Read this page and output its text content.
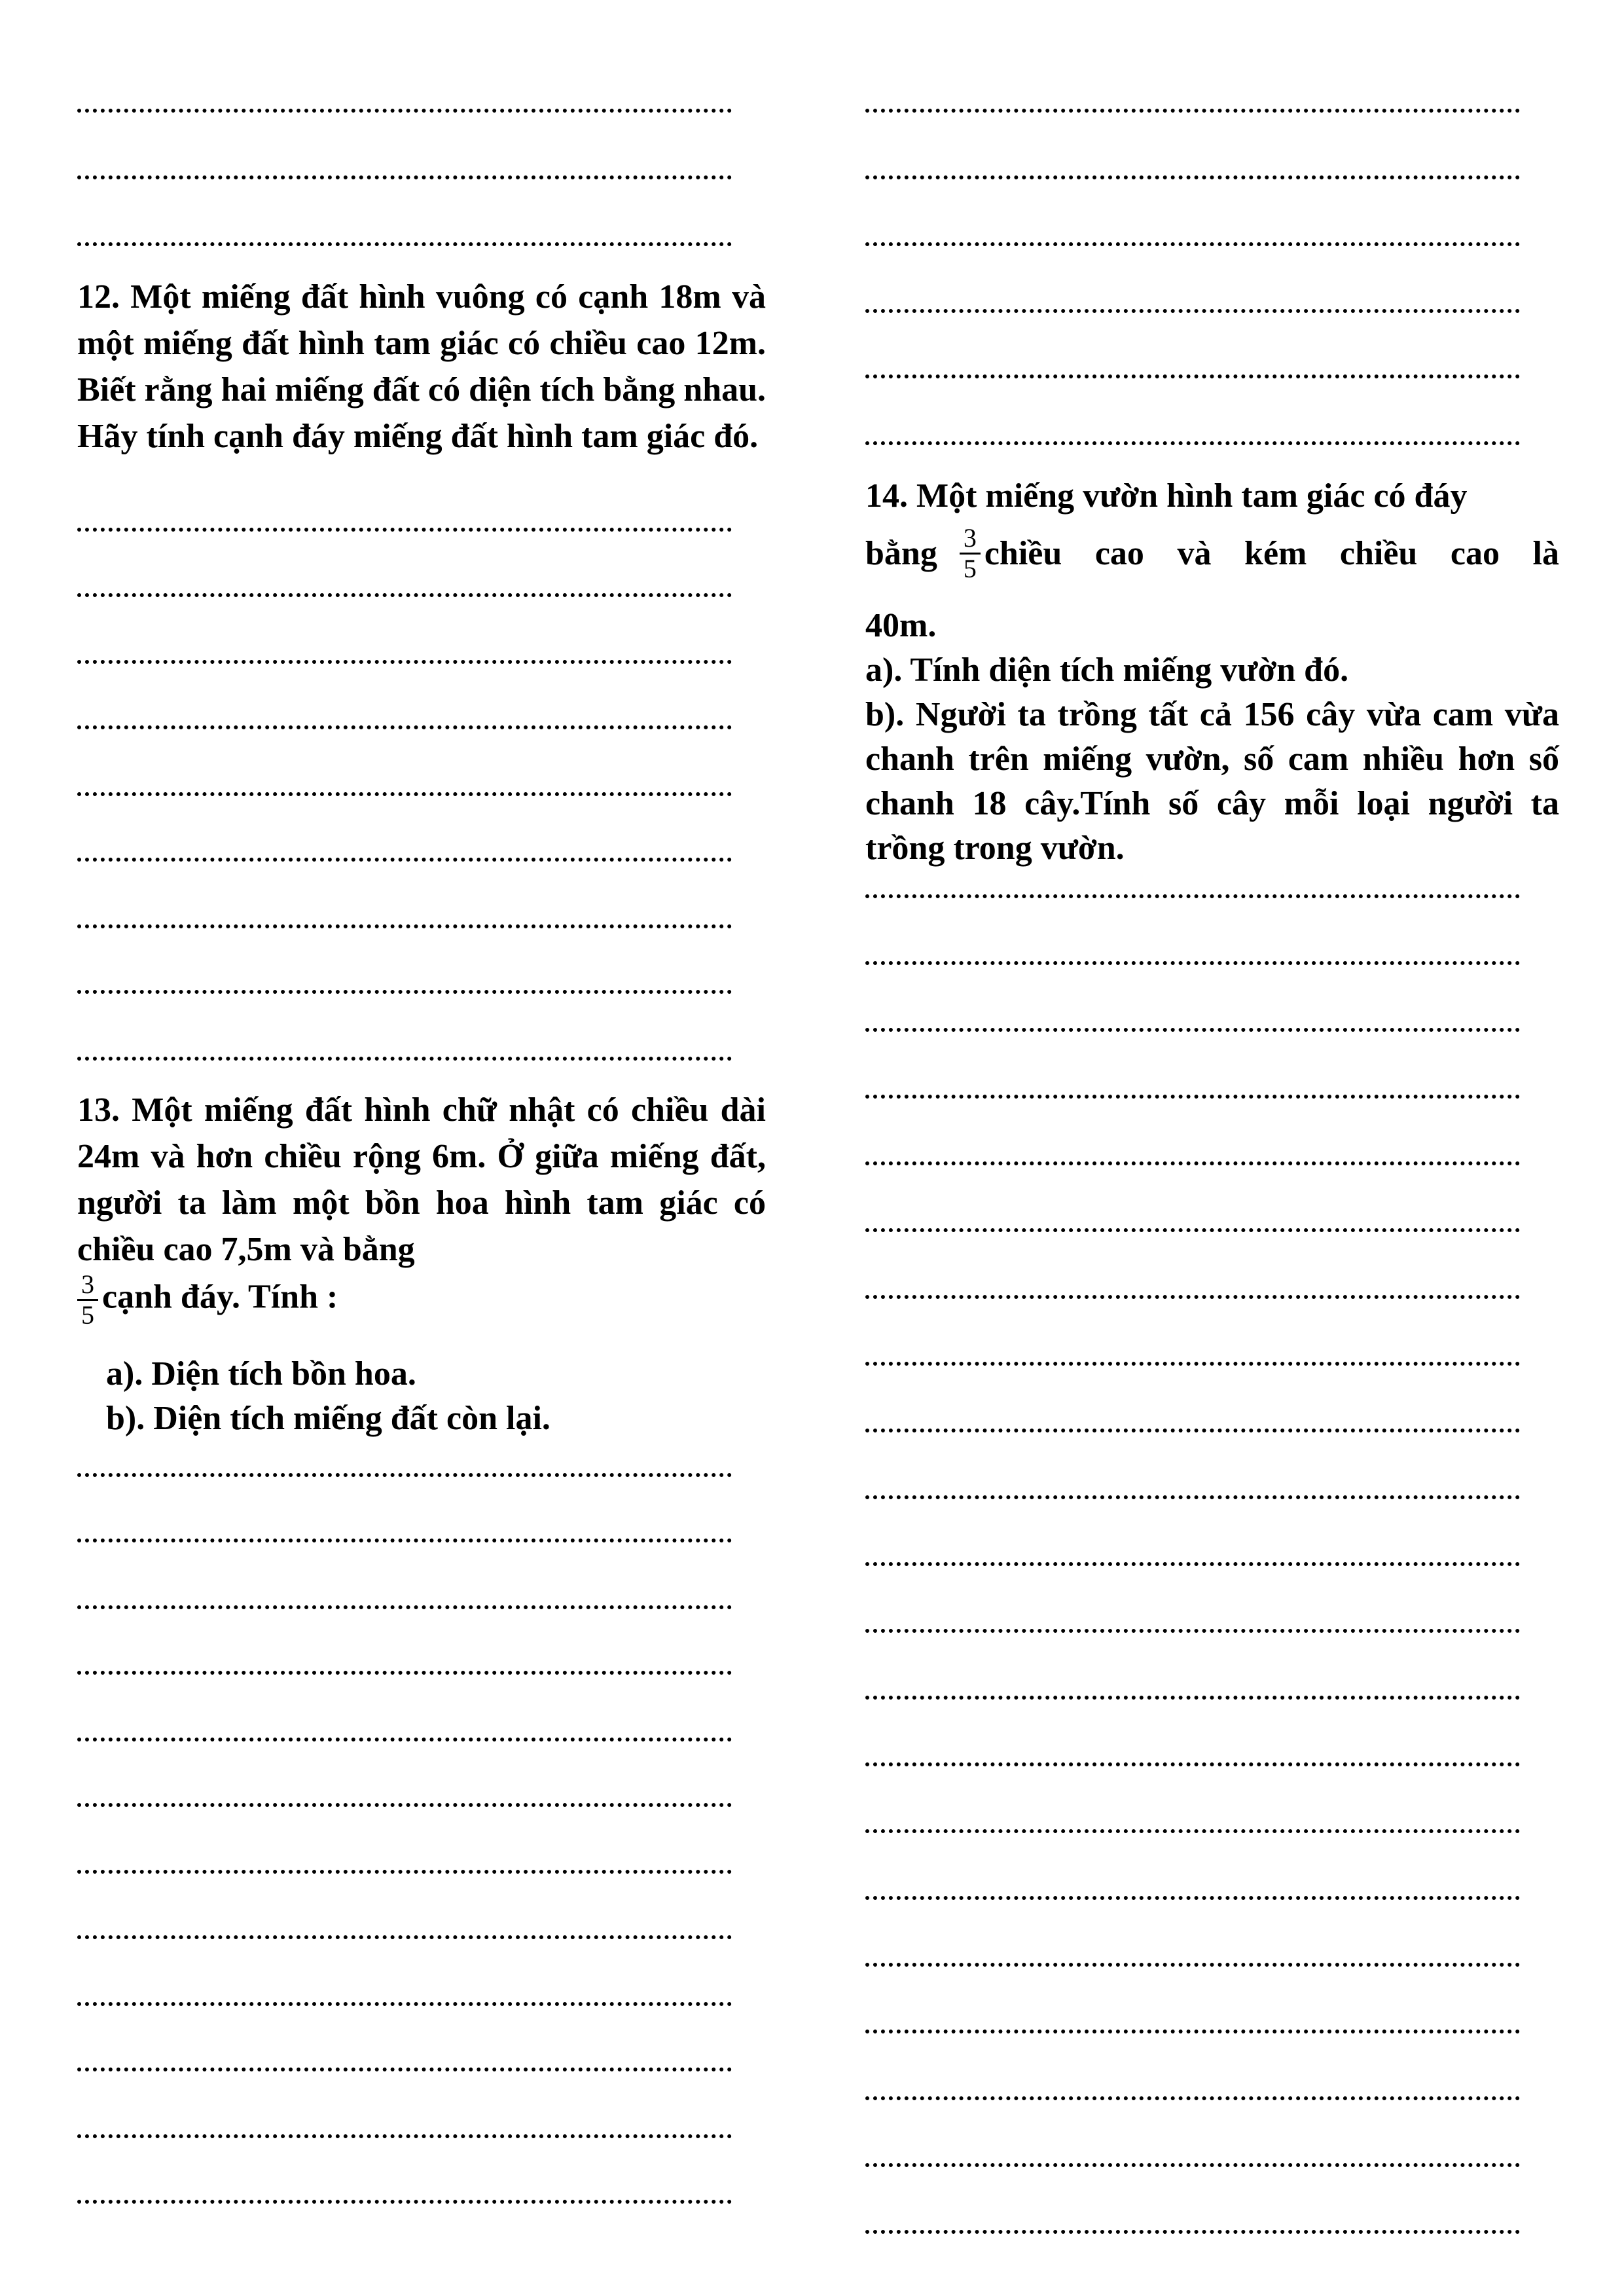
12. Một miếng đất hình vuông có cạnh 18m và một miếng đất hình tam giác có chiều cao 12m. Biết rằng hai miếng đất có diện tích bằng nhau. Hãy tính cạnh đáy miếng đất hình tam giác đó.

13. Một miếng đất hình chữ nhật có chiều dài 24m và hơn chiều rộng 6m. Ở giữa miếng đất, người ta làm một bồn hoa hình tam giác có chiều cao 7,5m và bằng

$\frac{3}{5}$ cạnh đáy. Tính :
a). Diện tích bồn hoa.
b). Diện tích miếng đất còn lại.
14. Một miếng vườn hình tam giác có đáy
bằng $\frac{3}{5}$ chiều cao và kém chiều cao là
40m.
a). Tính diện tích miếng vườn đó.

b). Người ta trồng tất cả 156 cây vừa cam vừa chanh trên miếng vườn, số cam nhiều hơn số chanh 18 cây.Tính số cây mỗi loại người ta trồng trong vườn.
